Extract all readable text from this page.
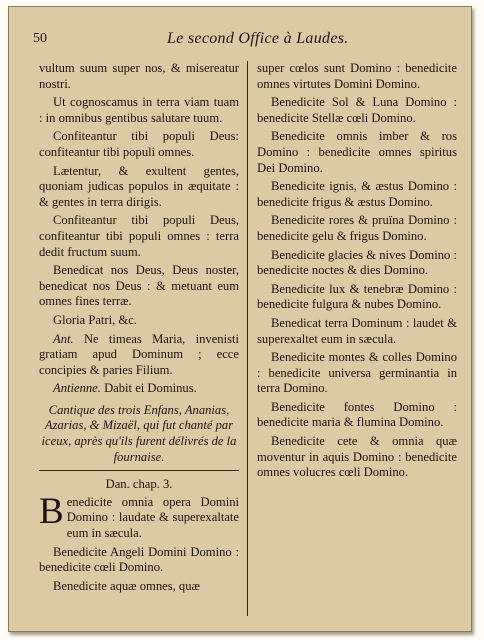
50	Le second Office à Laudes.

vultum suum super nos, & misereatur nostri.

Ut cognoscamus in terra viam tuam : in omnibus gentibus salutare tuum.

Confiteantur tibi populi Deus: confiteantur tibi populi omnes.

Lætentur, & exultent gentes, quoniam judicas populos in æquitate : & gentes in terra dirigis.

Confiteantur tibi populi Deus, confiteantur tibi populi omnes : terra dedit fructum suum.

Benedicat nos Deus, Deus noster, benedicat nos Deus : & metuant eum omnes fines terræ.

Gloria Patri, &c.

Ant. Ne timeas Maria, invenisti gratiam apud Dominum ; ecce concipies & paries Filium.

Antienne. Dabit ei Dominus.

Cantique des trois Enfans, Ananias, Azarias, & Mizaël, qui fut chanté par iceux, après qu'ils furent délivrés de la fournaise.

Dan. chap. 3.

Benedicite omnia opera Domini Domino : laudate & superexaltate eum in sæcula.

Benedicite Angeli Domini Domino : benedicite cœli Domino.

Benedicite aquæ omnes, quæ

super cœlos sunt Domino : benedicite omnes virtutes Domini Domino.

Benedicite Sol & Luna Domino : benedicite Stellæ cœli Domino.

Benedicite omnis imber & ros Domino : benedicite omnes spiritus Dei Domino.

Benedicite ignis, & æstus Domino : benedicite frigus & æstus Domino.

Benedicite rores & pruïna Domino : benedicite gelu & frigus Domino.

Benedicite glacies & nives Domino : benedicite noctes & dies Domino.

Benedicite lux & tenebræ Domino : benedicite fulgura & nubes Domino.

Benedicat terra Dominum : laudet & superexaltet eum in sæcula.

Benedicite montes & colles Domino : benedicite universa germinantia in terra Domino.

Benedicite fontes Domino : benedicite maria & flumina Domino.

Benedicite cete & omnia quæ moventur in aquis Domino : benedicite omnes volucres cœli Domino.
